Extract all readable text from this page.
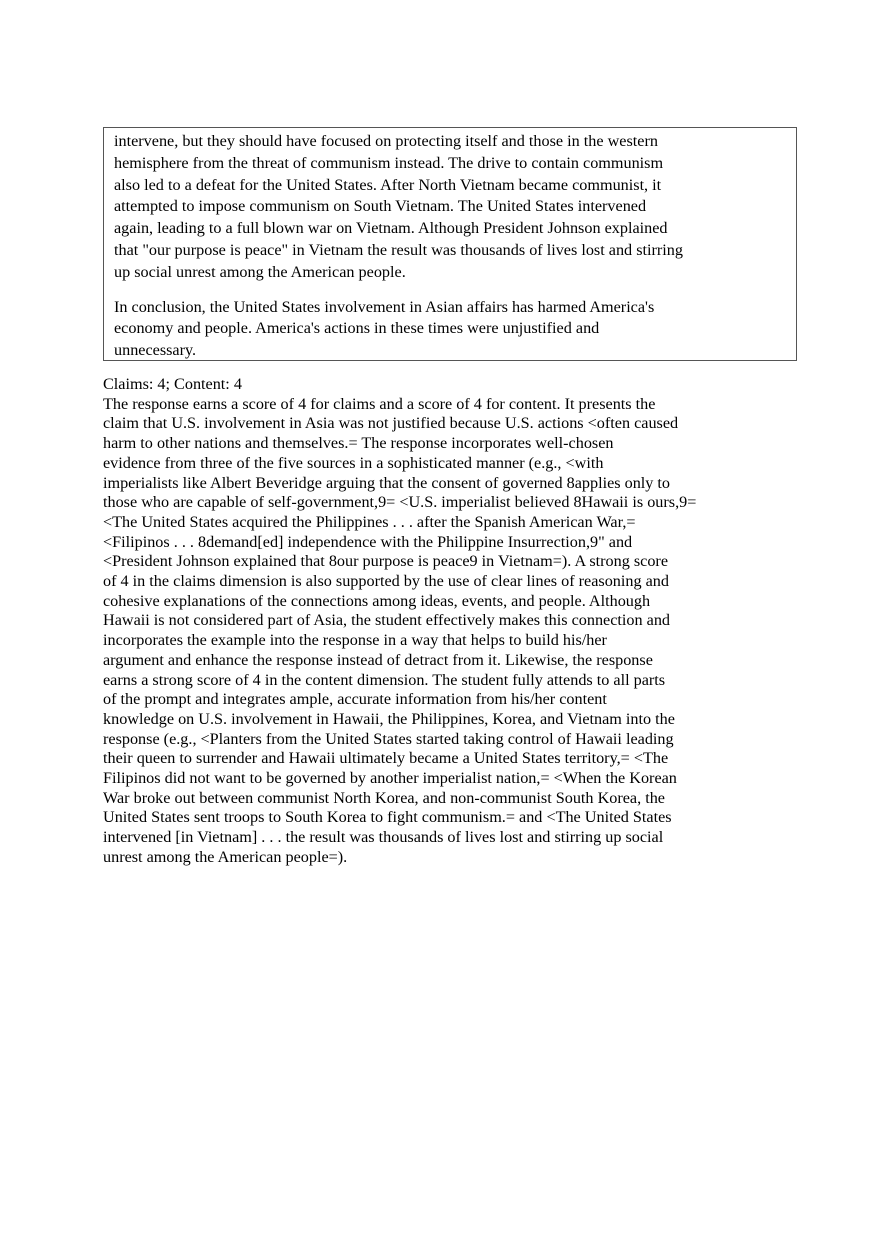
intervene, but they should have focused on protecting itself and those in the western
hemisphere from the threat of communism instead. The drive to contain communism
also led to a defeat for the United States. After North Vietnam became communist, it
attempted to impose communism on South Vietnam. The United States intervened
again, leading to a full blown war on Vietnam. Although President Johnson explained
that "our purpose is peace" in Vietnam the result was thousands of lives lost and stirring
up social unrest among the American people.

In conclusion, the United States involvement in Asian affairs has harmed America's
economy and people. America's actions in these times were unjustified and
unnecessary.

Claims: 4; Content: 4

The response earns a score of 4 for claims and a score of 4 for content. It presents the
claim that U.S. involvement in Asia was not justified because U.S. actions <often caused
harm to other nations and themselves.= The response incorporates well-chosen
evidence from three of the five sources in a sophisticated manner (e.g., <with
imperialists like Albert Beveridge arguing that the consent of governed 8applies only to
those who are capable of self-government,9= <U.S. imperialist believed 8Hawaii is ours,9=
<The United States acquired the Philippines . . . after the Spanish American War,=
<Filipinos . . . 8demand[ed] independence with the Philippine Insurrection,9" and
<President Johnson explained that 8our purpose is peace9 in Vietnam=). A strong score
of 4 in the claims dimension is also supported by the use of clear lines of reasoning and
cohesive explanations of the connections among ideas, events, and people. Although
Hawaii is not considered part of Asia, the student effectively makes this connection and
incorporates the example into the response in a way that helps to build his/her
argument and enhance the response instead of detract from it. Likewise, the response
earns a strong score of 4 in the content dimension. The student fully attends to all parts
of the prompt and integrates ample, accurate information from his/her content
knowledge on U.S. involvement in Hawaii, the Philippines, Korea, and Vietnam into the
response (e.g., <Planters from the United States started taking control of Hawaii leading
their queen to surrender and Hawaii ultimately became a United States territory,= <The
Filipinos did not want to be governed by another imperialist nation,= <When the Korean
War broke out between communist North Korea, and non-communist South Korea, the
United States sent troops to South Korea to fight communism.= and <The United States
intervened [in Vietnam] . . . the result was thousands of lives lost and stirring up social
unrest among the American people=).
